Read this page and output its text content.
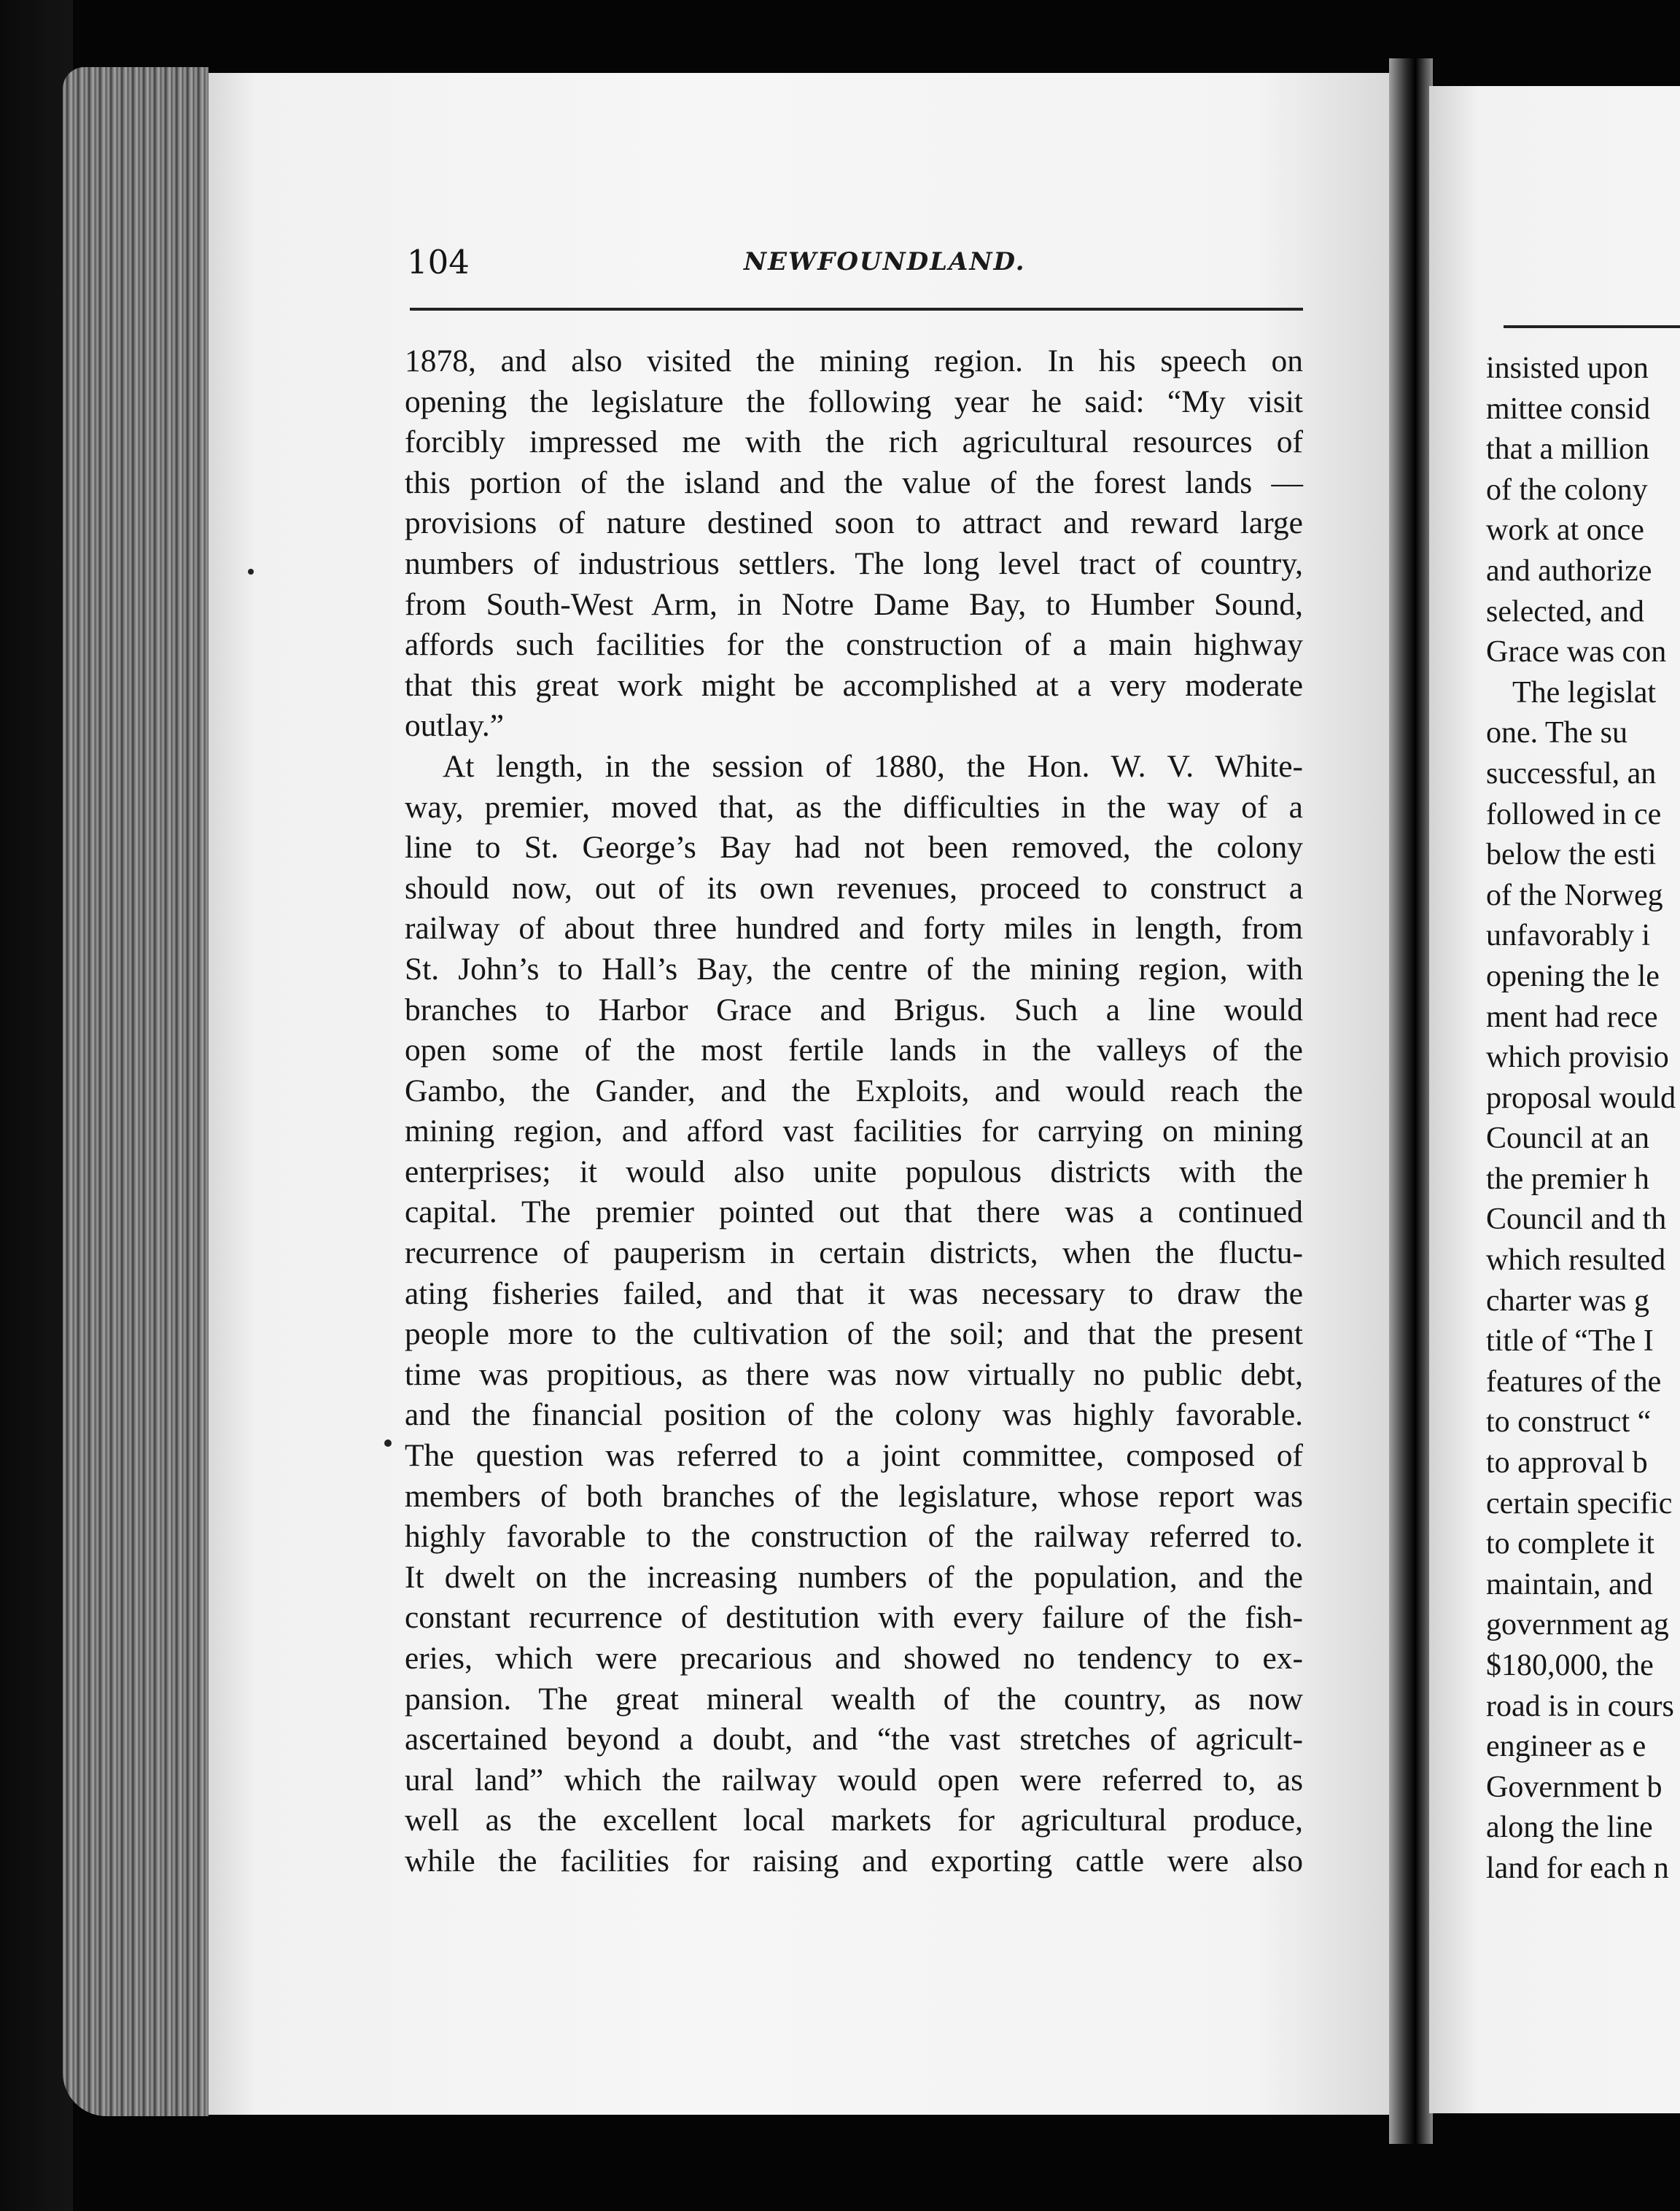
104	NEWFOUNDLAND.
1878, and also visited the mining region. In his speech on
opening the legislature the following year he said: “My visit
forcibly impressed me with the rich agricultural resources of
this portion of the island and the value of the forest lands —
provisions of nature destined soon to attract and reward large
numbers of industrious settlers. The long level tract of country,
from South-West Arm, in Notre Dame Bay, to Humber Sound,
affords such facilities for the construction of a main highway
that this great work might be accomplished at a very moderate
outlay.”
At length, in the session of 1880, the Hon. W. V. White-
way, premier, moved that, as the difficulties in the way of a
line to St. George’s Bay had not been removed, the colony
should now, out of its own revenues, proceed to construct a
railway of about three hundred and forty miles in length, from
St. John’s to Hall’s Bay, the centre of the mining region, with
branches to Harbor Grace and Brigus. Such a line would
open some of the most fertile lands in the valleys of the
Gambo, the Gander, and the Exploits, and would reach the
mining region, and afford vast facilities for carrying on mining
enterprises; it would also unite populous districts with the
capital. The premier pointed out that there was a continued
recurrence of pauperism in certain districts, when the fluctu-
ating fisheries failed, and that it was necessary to draw the
people more to the cultivation of the soil; and that the present
time was propitious, as there was now virtually no public debt,
and the financial position of the colony was highly favorable.
The question was referred to a joint committee, composed of
members of both branches of the legislature, whose report was
highly favorable to the construction of the railway referred to.
It dwelt on the increasing numbers of the population, and the
constant recurrence of destitution with every failure of the fish-
eries, which were precarious and showed no tendency to ex-
pansion. The great mineral wealth of the country, as now
ascertained beyond a doubt, and “the vast stretches of agricult-
ural land” which the railway would open were referred to, as
well as the excellent local markets for agricultural produce,
while the facilities for raising and exporting cattle were also
insisted upon
mittee consid
that a million
of the colony
work at once
and authorize
selected, and
Grace was con
The legislat
one. The su
successful, an
followed in ce
below the esti
of the Norweg
unfavorably i
opening the le
ment had rece
which provisio
proposal would
Council at an
the premier h
Council and th
which resulted
charter was g
title of “The I
features of the
to construct “
to approval b
certain specific
to complete it
maintain, and
government ag
$180,000, the
road is in cours
engineer as e
Government b
along the line
land for each n
